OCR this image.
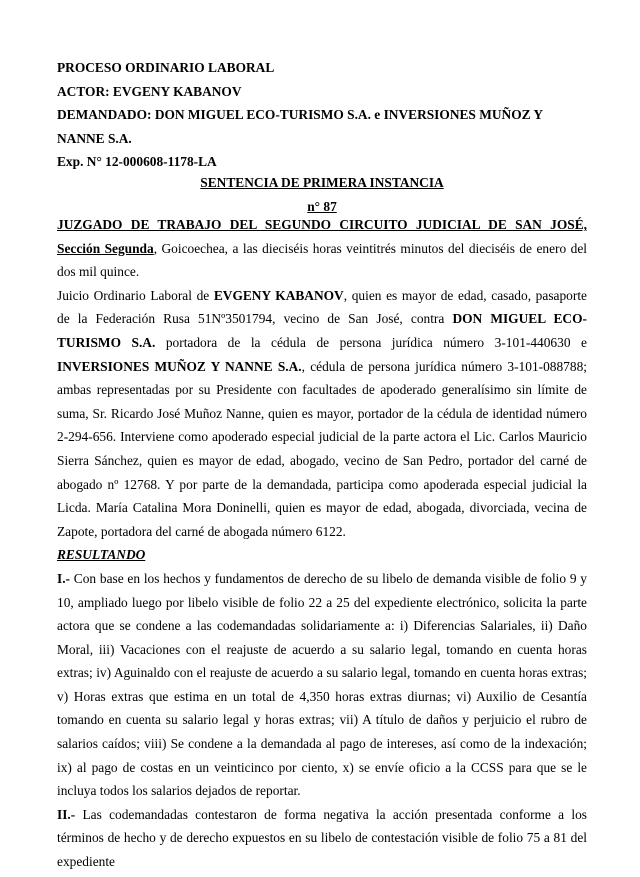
PROCESO ORDINARIO LABORAL

ACTOR: EVGENY KABANOV

DEMANDADO: DON MIGUEL ECO-TURISMO S.A. e INVERSIONES MUÑOZ Y

NANNE S.A.

Exp. N° 12-000608-1178-LA

SENTENCIA DE PRIMERA INSTANCIA
n° 87

JUZGADO DE TRABAJO DEL SEGUNDO CIRCUITO JUDICIAL DE SAN JOSÉ, Sección Segunda, Goicoechea, a las dieciséis horas veintitrés minutos del dieciséis de enero del dos mil quince.

Juicio Ordinario Laboral de EVGENY KABANOV, quien es mayor de edad, casado, pasaporte de la Federación Rusa 51Nº3501794, vecino de San José, contra DON MIGUEL ECO-TURISMO S.A. portadora de la cédula de persona jurídica número 3-101-440630 e INVERSIONES MUÑOZ Y NANNE S.A., cédula de persona jurídica número 3-101-088788; ambas representadas por su Presidente con facultades de apoderado generalísimo sin límite de suma, Sr. Ricardo José Muñoz Nanne, quien es mayor, portador de la cédula de identidad número 2-294-656. Interviene como apoderado especial judicial de la parte actora el Lic. Carlos Mauricio Sierra Sánchez, quien es mayor de edad, abogado, vecino de San Pedro, portador del carné de abogado nº 12768. Y por parte de la demandada, participa como apoderada especial judicial la Licda. María Catalina Mora Doninelli, quien es mayor de edad, abogada, divorciada, vecina de Zapote, portadora del carné de abogada número 6122.

RESULTANDO

I.- Con base en los hechos y fundamentos de derecho de su libelo de demanda visible de folio 9 y 10, ampliado luego por libelo visible de folio 22 a 25 del expediente electrónico, solicita la parte actora que se condene a las codemandadas solidariamente a: i) Diferencias Salariales, ii) Daño Moral, iii) Vacaciones con el reajuste de acuerdo a su salario legal, tomando en cuenta horas extras; iv) Aguinaldo con el reajuste de acuerdo a su salario legal, tomando en cuenta horas extras; v) Horas extras que estima en un total de 4,350 horas extras diurnas; vi) Auxilio de Cesantía tomando en cuenta su salario legal y horas extras; vii) A título de daños y perjuicio el rubro de salarios caídos; viii) Se condene a la demandada al pago de intereses, así como de la indexación; ix) al pago de costas en un veinticinco por ciento, x) se envíe oficio a la CCSS para que se le incluya todos los salarios dejados de reportar.

II.- Las codemandadas contestaron de forma negativa la acción presentada conforme a los términos de hecho y de derecho expuestos en su libelo de contestación visible de folio 75 a 81 del expediente
